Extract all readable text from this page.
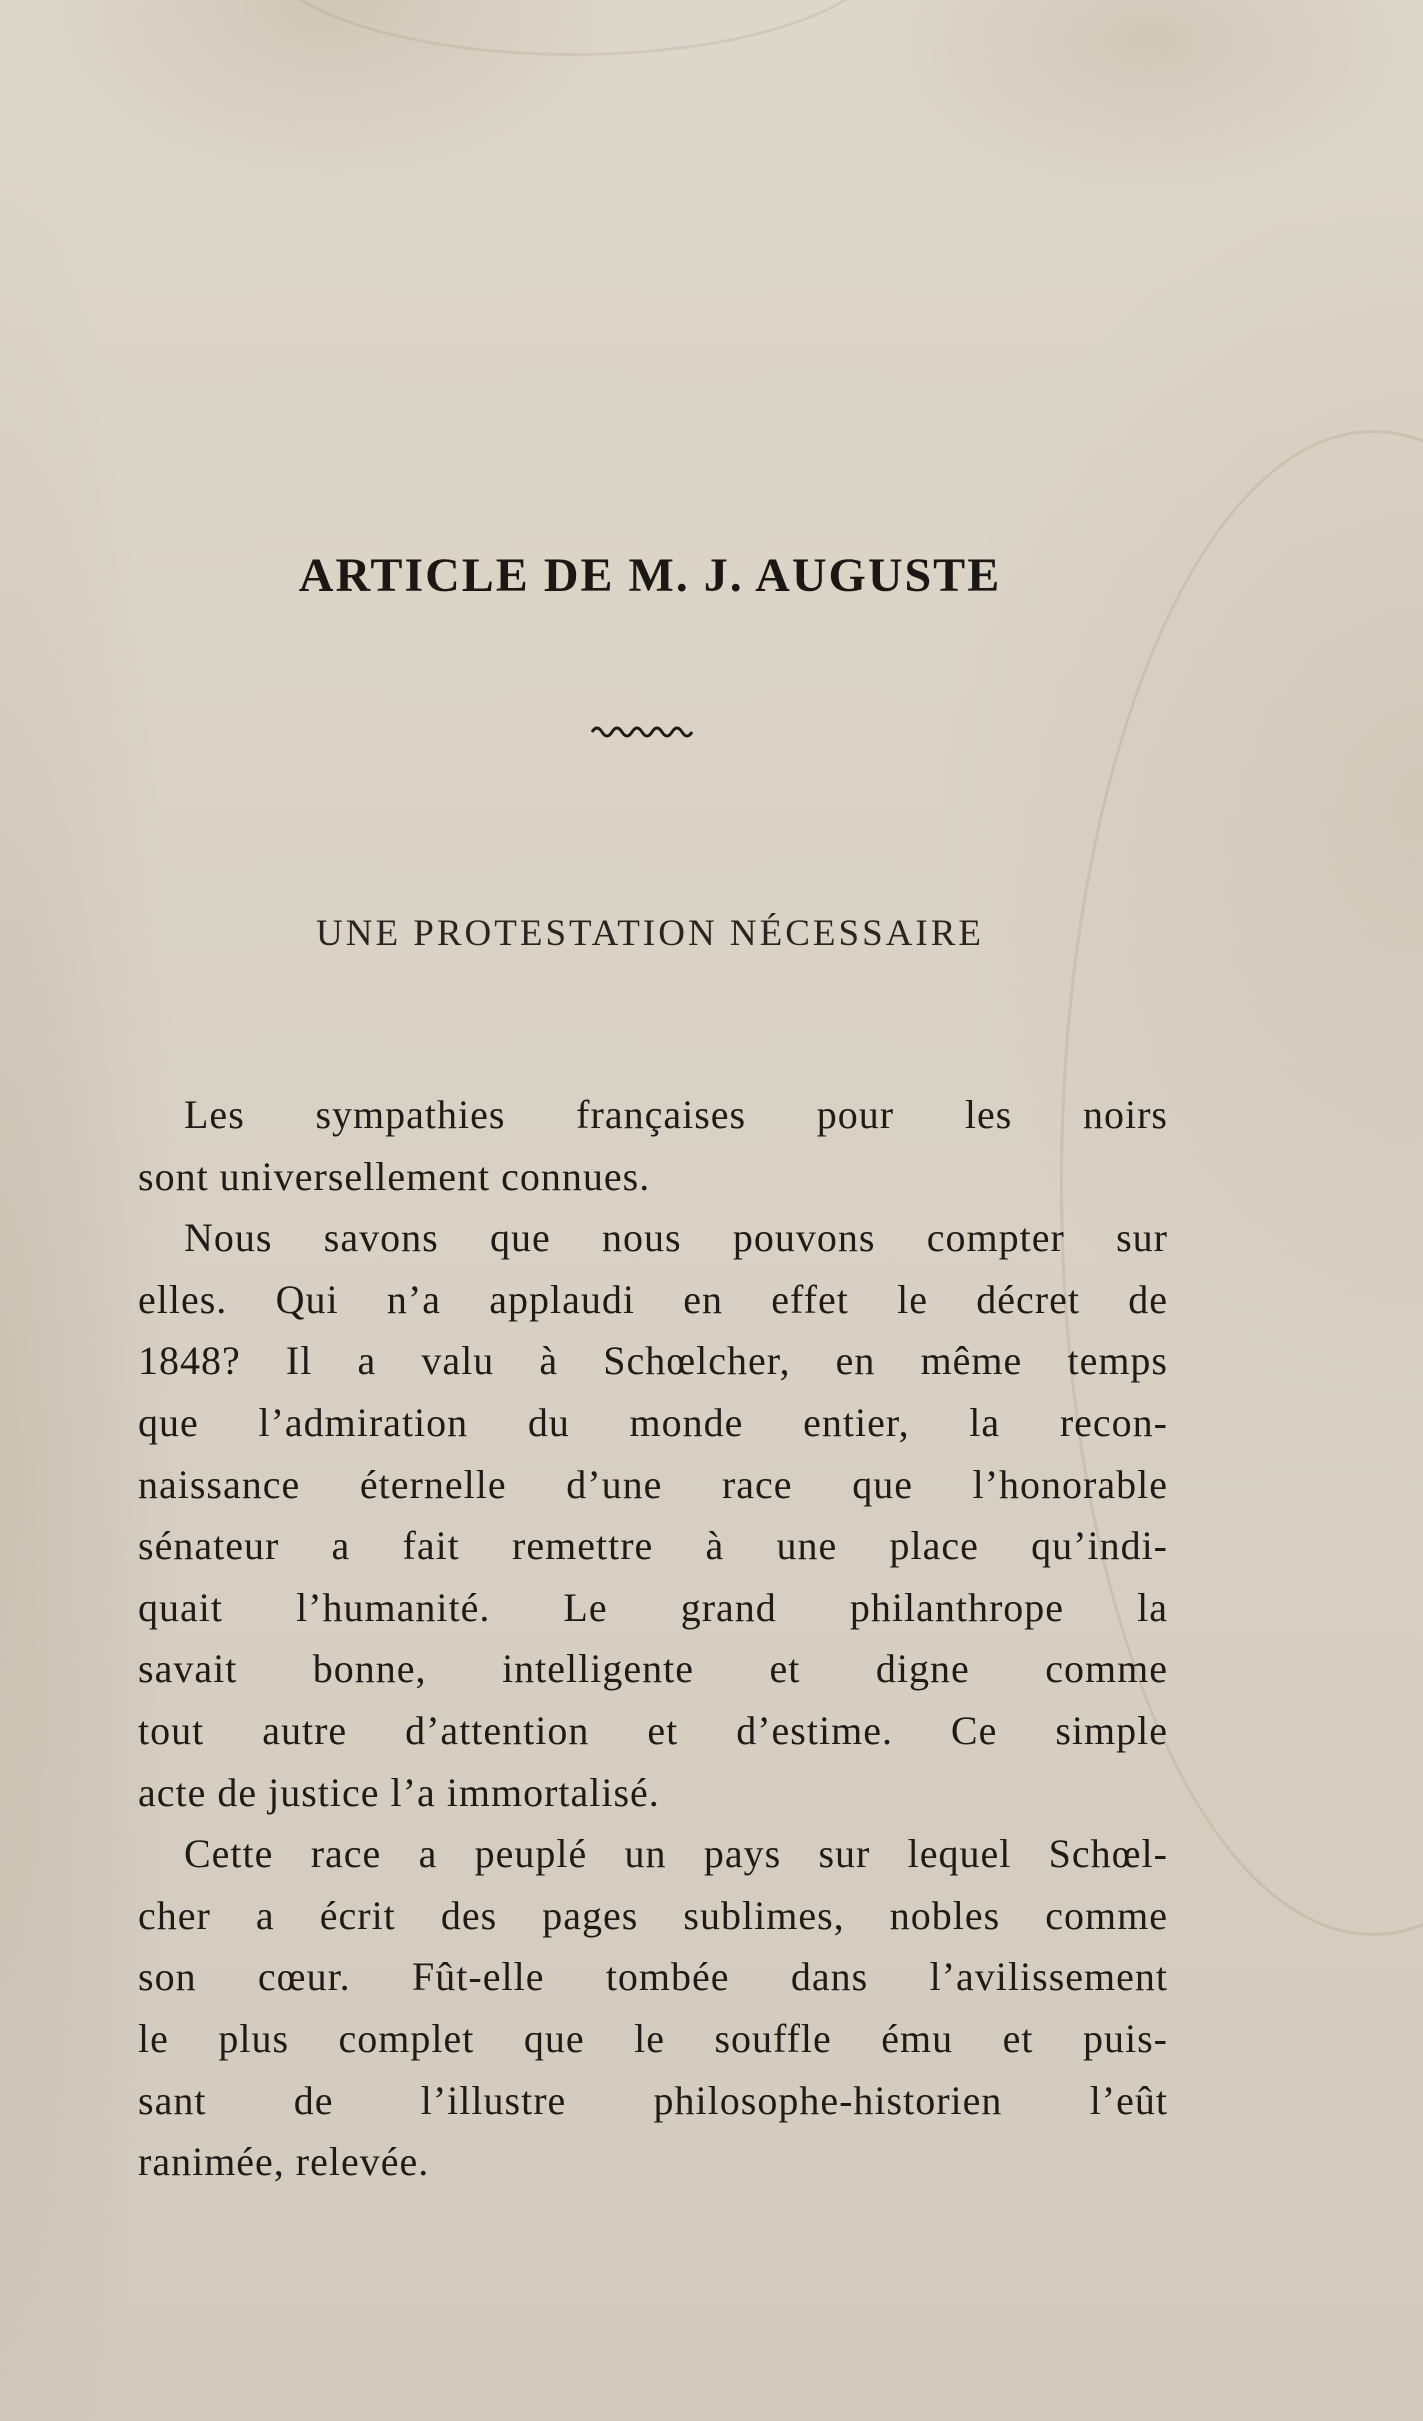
ARTICLE DE M. J. AUGUSTE
UNE PROTESTATION NÉCESSAIRE
Les sympathies françaises pour les noirs
sont universellement connues.
Nous savons que nous pouvons compter sur
elles. Qui n’a applaudi en effet le décret de
1848? Il a valu à Schœlcher, en même temps
que l’admiration du monde entier, la recon-
naissance éternelle d’une race que l’honorable
sénateur a fait remettre à une place qu’indi-
quait l’humanité. Le grand philanthrope la
savait bonne, intelligente et digne comme
tout autre d’attention et d’estime. Ce simple
acte de justice l’a immortalisé.
Cette race a peuplé un pays sur lequel Schœl-
cher a écrit des pages sublimes, nobles comme
son cœur. Fût-elle tombée dans l’avilissement
le plus complet que le souffle ému et puis-
sant de l’illustre philosophe-historien l’eût
ranimée, relevée.
